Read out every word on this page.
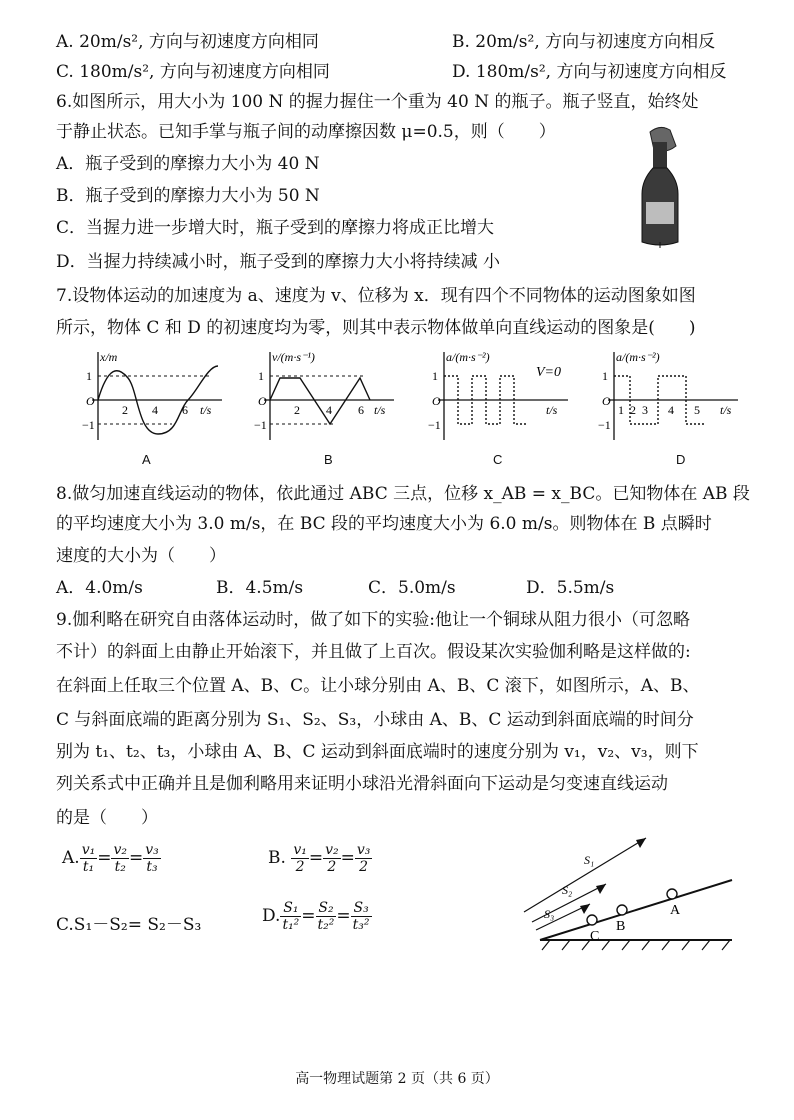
A. 20m/s², 方向与初速度方向相同	B. 20m/s², 方向与初速度方向相反
C. 180m/s², 方向与初速度方向相同	D. 180m/s², 方向与初速度方向相反
6.如图所示，用大小为 100 N 的握力握住一个重为 40 N 的瓶子。瓶子竖直，始终处
于静止状态。已知手掌与瓶子间的动摩擦因数 μ=0.5，则（　　）
A．瓶子受到的摩擦力大小为 40 N
B．瓶子受到的摩擦力大小为 50 N
C．当握力进一步增大时，瓶子受到的摩擦力将成正比增大
D．当握力持续减小时，瓶子受到的摩擦力大小将持续减 小
7.设物体运动的加速度为 a、速度为 v、位移为 x．现有四个不同物体的运动图象如图
所示，物体 C 和 D 的初速度均为零，则其中表示物体做单向直线运动的图象是(　　)
x/m
1
O
−1
2 4 6 t/s
A
v/(m·s⁻¹)
1
O
−1
2 4 6 t/s
B
a/(m·s⁻²)
1
O
−1
t/s
V=0
C
a/(m·s⁻²)
1
O
−1
1 2 3 4 5 t/s
D
8.做匀加速直线运动的物体，依此通过 ABC 三点，位移 x_AB = x_BC。已知物体在 AB 段
的平均速度大小为 3.0 m/s，在 BC 段的平均速度大小为 6.0 m/s。则物体在 B 点瞬时
速度的大小为（　　）
A．4.0m/s	B．4.5m/s	C．5.0m/s	D．5.5m/s
9.伽利略在研究自由落体运动时，做了如下的实验:他让一个铜球从阻力很小（可忽略
不计）的斜面上由静止开始滚下，并且做了上百次。假设某次实验伽利略是这样做的:
在斜面上任取三个位置 A、B、C。让小球分别由 A、B、C 滚下，如图所示，A、B、
C 与斜面底端的距离分别为 S₁、S₂、S₃，小球由 A、B、C 运动到斜面底端的时间分
别为 t₁、t₂、t₃，小球由 A、B、C 运动到斜面底端时的速度分别为 v₁，v₂、v₃，则下
列关系式中正确并且是伽利略用来证明小球沿光滑斜面向下运动是匀变速直线运动
的是（　　）
A. $\frac{\text{v₁}}{\text{t₁}} = \frac{\text{v₂}}{\text{t₂}} = \frac{\text{v₃}}{\text{t₃}}$	B. $\frac{\text{v₁}}{2} = \frac{\text{v₂}}{2} = \frac{\text{v₃}}{2}$
C.S₁－S₂= S₂－S₃	D. $\frac{\text{S₁}}{\text{t₁²}} = \frac{\text{S₂}}{\text{t₂²}} = \frac{\text{S₃}}{\text{t₃²}}$
S₁
S₂
S₃	A
B
C
高一物理试题第 2 页（共 6 页）
